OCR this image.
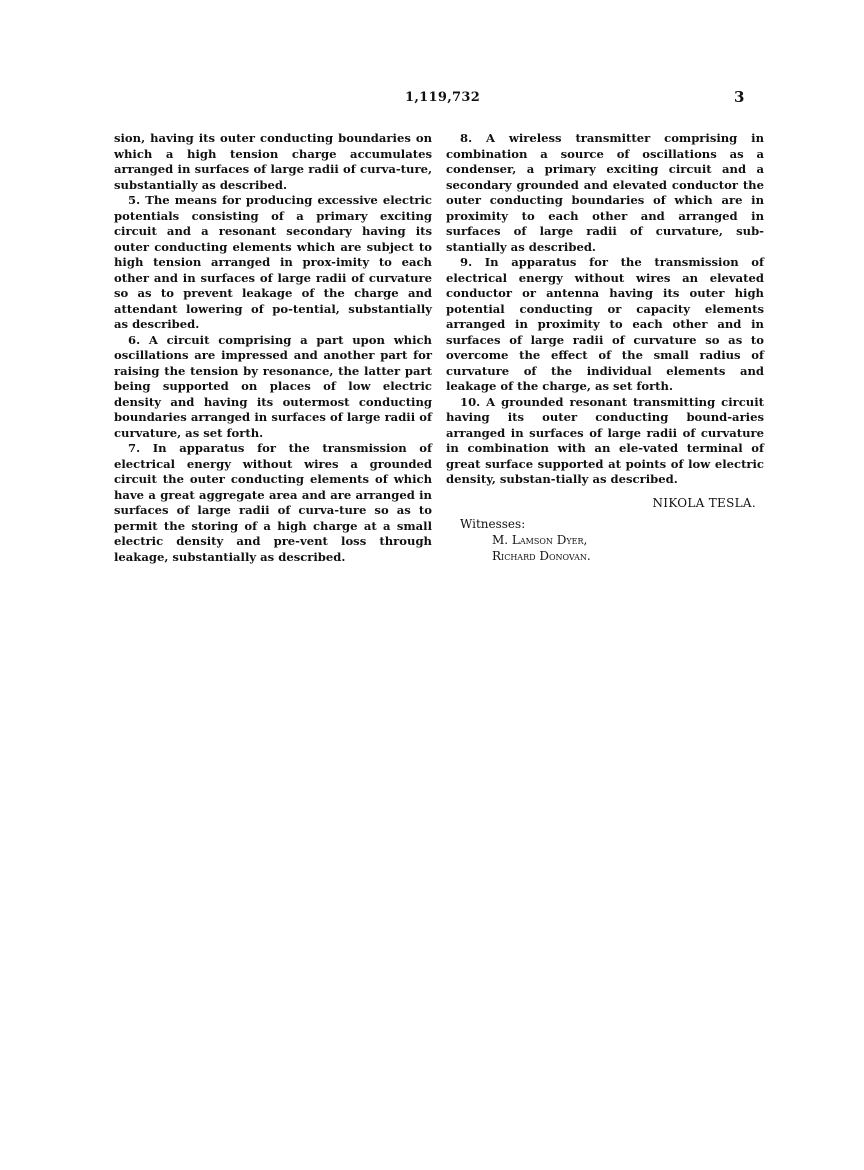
1,119,732	3

sion, having its outer conducting boundaries on which a high tension charge accumulates arranged in surfaces of large radii of curva-ture, substantially as described.

5. The means for producing excessive electric potentials consisting of a primary exciting circuit and a resonant secondary having its outer conducting elements which are subject to high tension arranged in prox-imity to each other and in surfaces of large radii of curvature so as to prevent leakage of the charge and attendant lowering of po-tential, substantially as described.

6. A circuit comprising a part upon which oscillations are impressed and another part for raising the tension by resonance, the latter part being supported on places of low electric density and having its outermost conducting boundaries arranged in surfaces of large radii of curvature, as set forth.

7. In apparatus for the transmission of electrical energy without wires a grounded circuit the outer conducting elements of which have a great aggregate area and are arranged in surfaces of large radii of curva-ture so as to permit the storing of a high charge at a small electric density and pre-vent loss through leakage, substantially as described.

8. A wireless transmitter comprising in combination a source of oscillations as a condenser, a primary exciting circuit and a secondary grounded and elevated conductor the outer conducting boundaries of which are in proximity to each other and arranged in surfaces of large radii of curvature, sub-stantially as described.

9. In apparatus for the transmission of electrical energy without wires an elevated conductor or antenna having its outer high potential conducting or capacity elements arranged in proximity to each other and in surfaces of large radii of curvature so as to overcome the effect of the small radius of curvature of the individual elements and leakage of the charge, as set forth.

10. A grounded resonant transmitting circuit having its outer conducting bound-aries arranged in surfaces of large radii of curvature in combination with an ele-vated terminal of great surface supported at points of low electric density, substan-tially as described.

NIKOLA TESLA.

Witnesses:

M. Lamson Dyer,

Richard Donovan.
